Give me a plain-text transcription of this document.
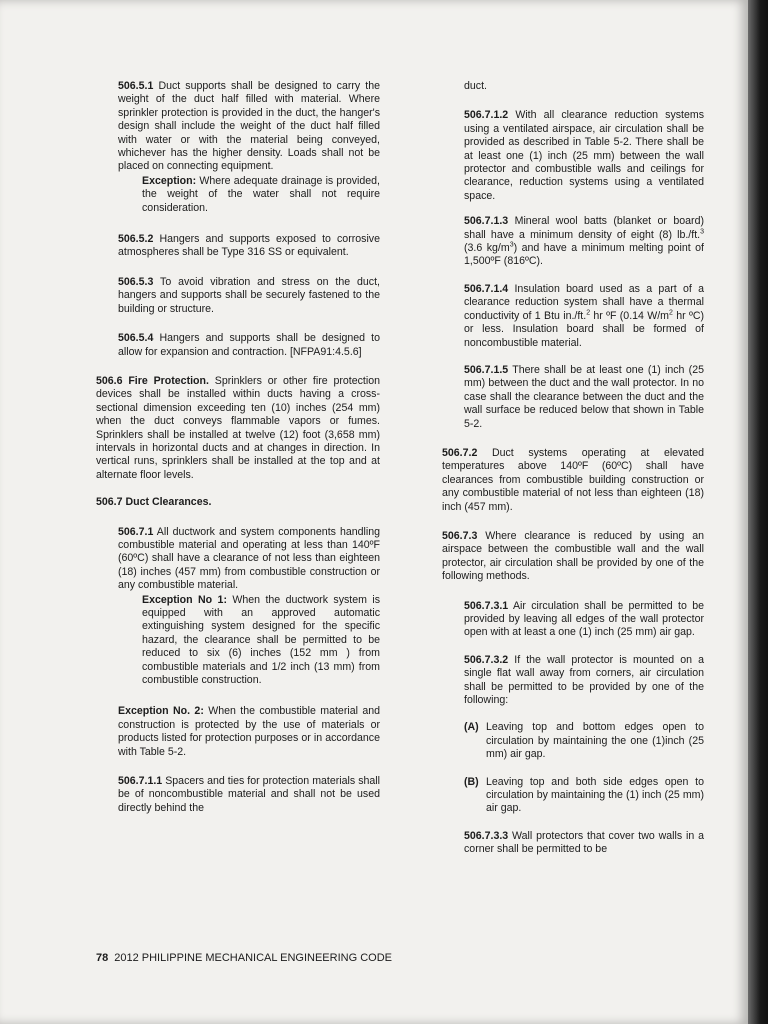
506.5.1 Duct supports shall be designed to carry the weight of the duct half filled with material. Where sprinkler protection is provided in the duct, the hanger's design shall include the weight of the duct half filled with water or with the material being conveyed, whichever has the higher density. Loads shall not be placed on connecting equipment.
Exception: Where adequate drainage is provided, the weight of the water shall not require consideration.

506.5.2 Hangers and supports exposed to corrosive atmospheres shall be Type 316 SS or equivalent.

506.5.3 To avoid vibration and stress on the duct, hangers and supports shall be securely fastened to the building or structure.

506.5.4 Hangers and supports shall be designed to allow for expansion and contraction. [NFPA91:4.5.6]

506.6 Fire Protection. Sprinklers or other fire protection devices shall be installed within ducts having a cross-sectional dimension exceeding ten (10) inches (254 mm) when the duct conveys flammable vapors or fumes. Sprinklers shall be installed at twelve (12) foot (3,658 mm) intervals in horizontal ducts and at changes in direction. In vertical runs, sprinklers shall be installed at the top and at alternate floor levels.

506.7 Duct Clearances.

506.7.1 All ductwork and system components handling combustible material and operating at less than 140ºF (60ºC) shall have a clearance of not less than eighteen (18) inches (457 mm) from combustible construction or any combustible material.
Exception No 1: When the ductwork system is equipped with an approved automatic extinguishing system designed for the specific hazard, the clearance shall be permitted to be reduced to six (6) inches (152 mm ) from combustible materials and 1/2 inch (13 mm) from combustible construction.

Exception No. 2: When the combustible material and construction is protected by the use of materials or products listed for protection purposes or in accordance with Table 5-2.

506.7.1.1 Spacers and ties for protection materials shall be of noncombustible material and shall not be used directly behind the

duct.

506.7.1.2 With all clearance reduction systems using a ventilated airspace, air circulation shall be provided as described in Table 5-2. There shall be at least one (1) inch (25 mm) between the wall protector and combustible walls and ceilings for clearance, reduction systems using a ventilated space.

506.7.1.3 Mineral wool batts (blanket or board) shall have a minimum density of eight (8) lb./ft.$^3$ (3.6 $kg/m^3$) and have a minimum melting point of 1,500ºF (816ºC).

506.7.1.4 Insulation board used as a part of a clearance reduction system shall have a thermal conductivity of 1 Btu in./ft.$^2$ hr ºF (0.14 $W/m^2$ hr ºC) or less. Insulation board shall be formed of noncombustible material.

506.7.1.5 There shall be at least one (1) inch (25 mm) between the duct and the wall protector. In no case shall the clearance between the duct and the wall surface be reduced below that shown in Table 5-2.

506.7.2 Duct systems operating at elevated temperatures above 140ºF (60ºC) shall have clearances from combustible building construction or any combustible material of not less than eighteen (18) inch (457 mm).

506.7.3 Where clearance is reduced by using an airspace between the combustible wall and the wall protector, air circulation shall be provided by one of the following methods.

506.7.3.1 Air circulation shall be permitted to be provided by leaving all edges of the wall protector open with at least a one (1) inch (25 mm) air gap.

506.7.3.2 If the wall protector is mounted on a single flat wall away from corners, air circulation shall be permitted to be provided by one of the following:

(A) Leaving top and bottom edges open to circulation by maintaining the one (1)inch (25 mm) air gap.
(B) Leaving top and both side edges open to circulation by maintaining the (1) inch (25 mm) air gap.

506.7.3.3 Wall protectors that cover two walls in a corner shall be permitted to be

78 2012 PHILIPPINE MECHANICAL ENGINEERING CODE
